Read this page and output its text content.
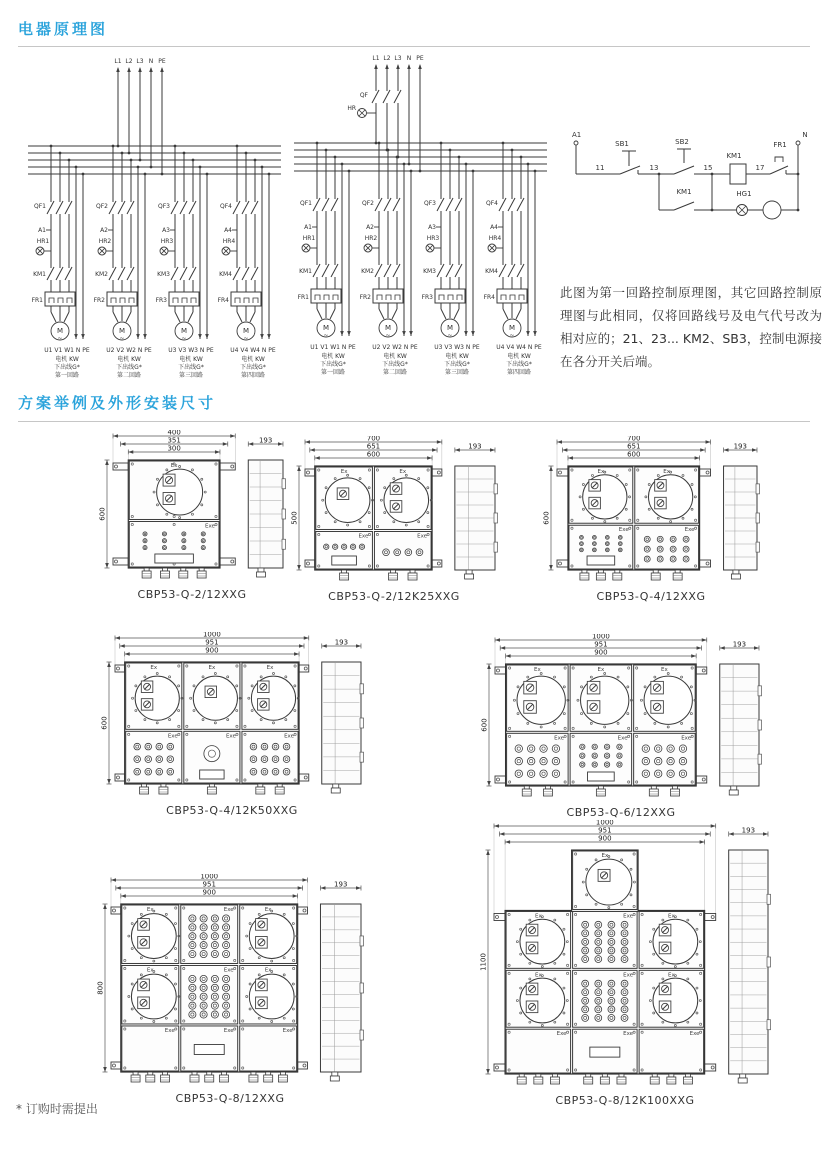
电器原理图
L1 L2 L3 N PE
QF1
A1
HR1
KM1
FR1
M
~
U1 V1 W1 N PE
电机 KW
下出线G*
第一回路
QF2
A2
HR2
KM2
FR2
M
~
U2 V2 W2 N PE
电机 KW
下出线G*
第二回路
QF3
A3
HR3
KM3
FR3
M
~
U3 V3 W3 N PE
电机 KW
下出线G*
第三回路
QF4
A4
HR4
KM4
FR4
M
~
U4 V4 W4 N PE
电机 KW
下出线G*
第四回路
L1 L2 L3 N PE
QF
HR
QF1
A1
HR1
KM1
FR1
M
~
U1 V1 W1 N PE
电机 KW
下出线G*
第一回路
QF2
A2
HR2
KM2
FR2
M
~
U2 V2 W2 N PE
电机 KW
下出线G*
第二回路
QF3
A3
HR3
KM3
FR3
M
~
U3 V3 W3 N PE
电机 KW
下出线G*
第三回路
QF4
A4
HR4
KM4
FR4
M
~
U4 V4 W4 N PE
电机 KW
下出线G*
第四回路
A1
11
SB1
13
SB2
15
KM1
17
FR1
N
KM1	HG1
此图为第一回路控制原理图，其它回路控制原理图与此相同，仅将回路线号及电气代号改为相对应的；21、23... KM2、SB3，控制电源接在各分开关后端。
方案举例及外形安装尺寸
400
351
300
600
Ex
Exe
193
CBP53-Q-2/12XXG
700
651
600
500
Ex	Ex
Exe	Exe
193
CBP53-Q-2/12K25XXG
700
651
600
600
Ex	Ex
Exe	Exe
193
CBP53-Q-4/12XXG
1000
951
900
600
Ex	Ex	Ex
Exe	Exe	Exe
193
CBP53-Q-4/12K50XXG
1000
951
900
600
Ex	Ex	Ex
Exe	Exe	Exe
193
CBP53-Q-6/12XXG
1000
951
900
800
Ex	Exe	Ex
Ex	Exe	Ex
Exe	Exe	Exe
193
CBP53-Q-8/12XXG
1000
951
900
1100
Ex
Ex	Exe	Ex
Ex	Exe	Ex
Exe	Exe	Exe
193
CBP53-Q-8/12K100XXG
* 订购时需提出
